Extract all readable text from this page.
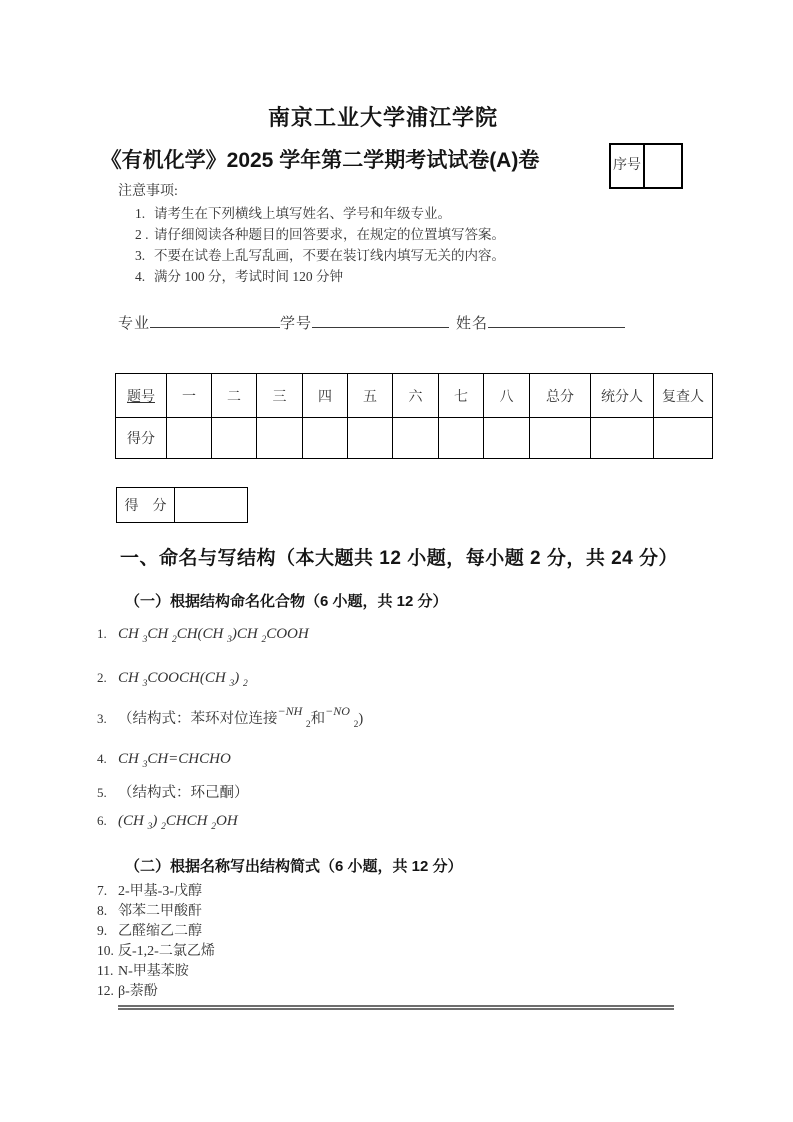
南京工业大学浦江学院
《有机化学》2025 学年第二学期考试试卷(A)卷	序号	
注意事项:
1. 请考生在下列横线上填写姓名、学号和年级专业。
2 . 请仔细阅读各种题目的回答要求，在规定的位置填写答案。
3. 不要在试卷上乱写乱画，不要在装订线内填写无关的内容。
4. 满分 100 分，考试时间 120 分钟
专业	学号	姓名
题号	一	二	三	四	五	六	七	八	总分	统分人	复查人
得分											
得　分	
一、命名与写结构（本大题共 12 小题，每小题 2 分，共 24 分）
（一）根据结构命名化合物（6 小题，共 12 分）
1. CH $_3$CH $_2$CH(CH $_3$)CH $_2$COOH
2. CH $_3$COOCH(CH $_3$) $_2$
3. （结构式：苯环对位连接$^{-NH}$ $_2$和$^{-NO}$ $_2$)
4. CH $_3$CH=CHCHO
5. （结构式：环己酮）
6. (CH $_3$) $_2$CHCH $_2$OH
（二）根据名称写出结构简式（6 小题，共 12 分）
7. 2-甲基-3-戊醇
8. 邻苯二甲酸酐
9. 乙醛缩乙二醇
10. 反-1,2-二氯乙烯
11. N-甲基苯胺
12. β-萘酚
